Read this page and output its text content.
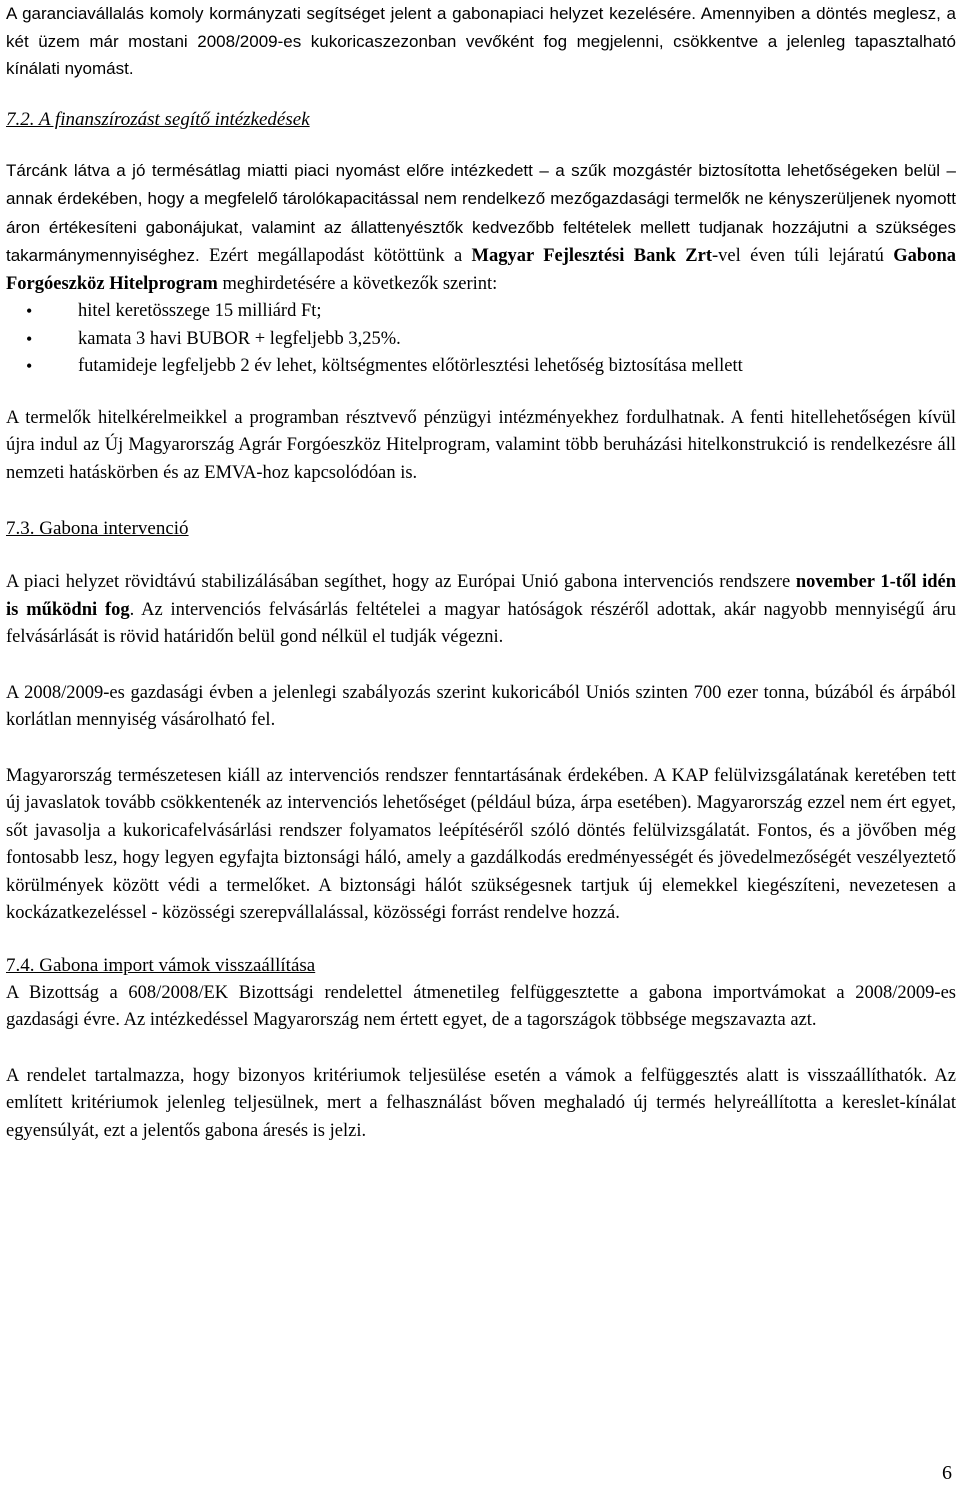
A garanciavállalás komoly kormányzati segítséget jelent a gabonapiaci helyzet kezelésére. Amennyiben a döntés meglesz, a két üzem már mostani 2008/2009-es kukoricaszezonban vevőként fog megjelenni, csökkentve a jelenleg tapasztalható kínálati nyomást.

7.2. A finanszírozást segítő intézkedések

Tárcánk látva a jó termésátlag miatti piaci nyomást előre intézkedett – a szűk mozgástér biztosította lehetőségeken belül – annak érdekében, hogy a megfelelő tárolókapacitással nem rendelkező mezőgazdasági termelők ne kényszerüljenek nyomott áron értékesíteni gabonájukat, valamint az állattenyésztők kedvezőbb feltételek mellett tudjanak hozzájutni a szükséges takarmánymennyiséghez. Ezért megállapodást kötöttünk a Magyar Fejlesztési Bank Zrt-vel éven túli lejáratú Gabona Forgóeszköz Hitelprogram meghirdetésére a következők szerint:

• hitel keretösszege 15 milliárd Ft;
• kamata 3 havi BUBOR + legfeljebb 3,25%.
• futamideje legfeljebb 2 év lehet, költségmentes előtörlesztési lehetőség biztosítása mellett

A termelők hitelkérelmeikkel a programban résztvevő pénzügyi intézményekhez fordulhatnak. A fenti hitellehetőségen kívül újra indul az Új Magyarország Agrár Forgóeszköz Hitelprogram, valamint több beruházási hitelkonstrukció is rendelkezésre áll nemzeti hatáskörben és az EMVA-hoz kapcsolódóan is.

7.3. Gabona intervenció

A piaci helyzet rövidtávú stabilizálásában segíthet, hogy az Európai Unió gabona intervenciós rendszere november 1-től idén is működni fog. Az intervenciós felvásárlás feltételei a magyar hatóságok részéről adottak, akár nagyobb mennyiségű áru felvásárlását is rövid határidőn belül gond nélkül el tudják végezni.

A 2008/2009-es gazdasági évben a jelenlegi szabályozás szerint kukoricából Uniós szinten 700 ezer tonna, búzából és árpából korlátlan mennyiség vásárolható fel.

Magyarország természetesen kiáll az intervenciós rendszer fenntartásának érdekében. A KAP felülvizsgálatának keretében tett új javaslatok tovább csökkentenék az intervenciós lehetőséget (például búza, árpa esetében). Magyarország ezzel nem ért egyet, sőt javasolja a kukoricafelvásárlási rendszer folyamatos leépítéséről szóló döntés felülvizsgálatát. Fontos, és a jövőben még fontosabb lesz, hogy legyen egyfajta biztonsági háló, amely a gazdálkodás eredményességét és jövedelmezőségét veszélyeztető körülmények között védi a termelőket. A biztonsági hálót szükségesnek tartjuk új elemekkel kiegészíteni, nevezetesen a kockázatkezeléssel - közösségi szerepvállalással, közösségi forrást rendelve hozzá.

7.4. Gabona import vámok visszaállítása

A Bizottság a 608/2008/EK Bizottsági rendelettel átmenetileg felfüggesztette a gabona importvámokat a 2008/2009-es gazdasági évre. Az intézkedéssel Magyarország nem értett egyet, de a tagországok többsége megszavazta azt.

A rendelet tartalmazza, hogy bizonyos kritériumok teljesülése esetén a vámok a felfüggesztés alatt is visszaállíthatók. Az említett kritériumok jelenleg teljesülnek, mert a felhasználást bőven meghaladó új termés helyreállította a kereslet-kínálat egyensúlyát, ezt a jelentős gabona áresés is jelzi.

6
